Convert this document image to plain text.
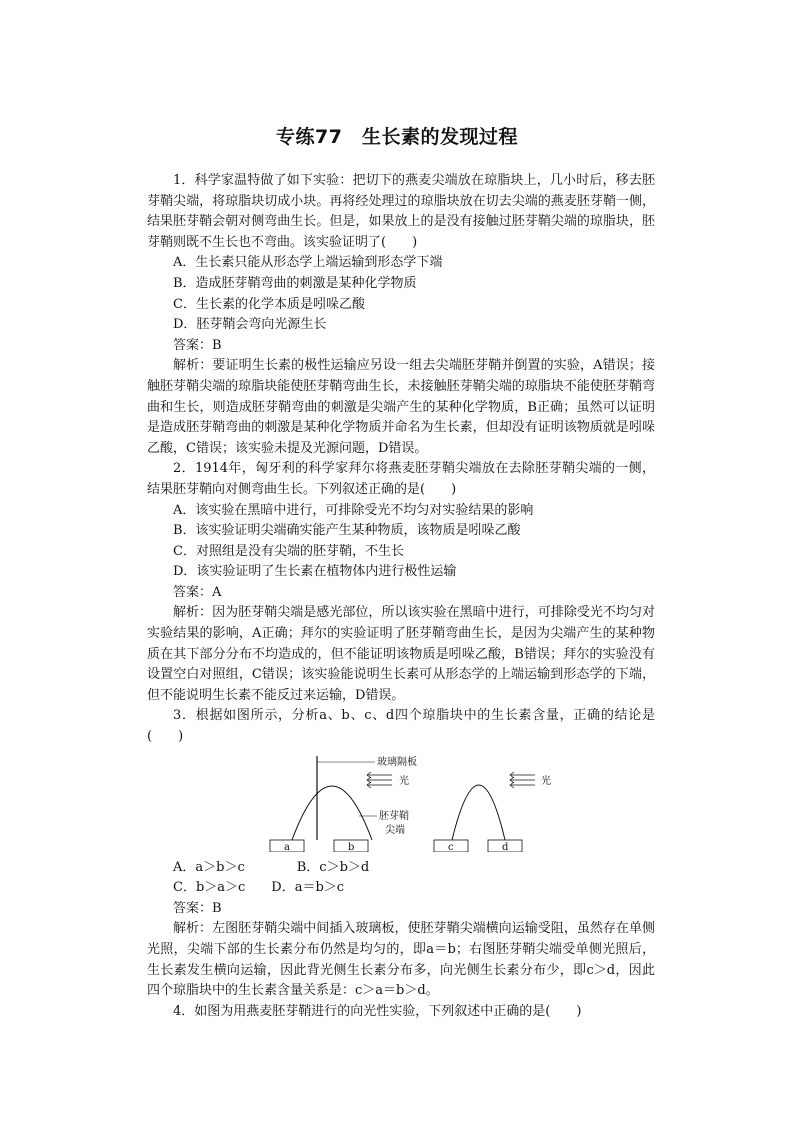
专练77　生长素的发现过程

1．科学家温特做了如下实验：把切下的燕麦尖端放在琼脂块上，几小时后，移去胚芽鞘尖端，将琼脂块切成小块。再将经处理过的琼脂块放在切去尖端的燕麦胚芽鞘一侧，结果胚芽鞘会朝对侧弯曲生长。但是，如果放上的是没有接触过胚芽鞘尖端的琼脂块，胚芽鞘则既不生长也不弯曲。该实验证明了(　　)

A．生长素只能从形态学上端运输到形态学下端

B．造成胚芽鞘弯曲的刺激是某种化学物质

C．生长素的化学本质是吲哚乙酸

D．胚芽鞘会弯向光源生长

答案：B

解析：要证明生长素的极性运输应另设一组去尖端胚芽鞘并倒置的实验，A错误；接触胚芽鞘尖端的琼脂块能使胚芽鞘弯曲生长，未接触胚芽鞘尖端的琼脂块不能使胚芽鞘弯曲和生长，则造成胚芽鞘弯曲的刺激是尖端产生的某种化学物质，B正确；虽然可以证明是造成胚芽鞘弯曲的刺激是某种化学物质并命名为生长素，但却没有证明该物质就是吲哚乙酸，C错误；该实验未提及光源问题，D错误。

2．1914年，匈牙利的科学家拜尔将燕麦胚芽鞘尖端放在去除胚芽鞘尖端的一侧，结果胚芽鞘向对侧弯曲生长。下列叙述正确的是(　　)

A．该实验在黑暗中进行，可排除受光不均匀对实验结果的影响

B．该实验证明尖端确实能产生某种物质，该物质是吲哚乙酸

C．对照组是没有尖端的胚芽鞘，不生长

D．该实验证明了生长素在植物体内进行极性运输

答案：A

解析：因为胚芽鞘尖端是感光部位，所以该实验在黑暗中进行，可排除受光不均匀对实验结果的影响，A正确；拜尔的实验证明了胚芽鞘弯曲生长，是因为尖端产生的某种物质在其下部分分布不均造成的，但不能证明该物质是吲哚乙酸，B错误；拜尔的实验没有设置空白对照组，C错误；该实验能说明生长素可从形态学的上端运输到形态学的下端，但不能说明生长素不能反过来运输，D错误。

3．根据如图所示，分析a、b、c、d四个琼脂块中的生长素含量，正确的结论是(　　)

玻璃隔板
光
胚芽鞘
尖端
a	b
光
c	d

A．a＞b＞c　　　　B．c＞b＞d

C．b＞a＞c　　D．a＝b＞c

答案：B

解析：左图胚芽鞘尖端中间插入玻璃板，使胚芽鞘尖端横向运输受阻，虽然存在单侧光照，尖端下部的生长素分布仍然是均匀的，即a＝b；右图胚芽鞘尖端受单侧光照后，生长素发生横向运输，因此背光侧生长素分布多，向光侧生长素分布少，即c＞d，因此四个琼脂块中的生长素含量关系是：c＞a＝b＞d。

4．如图为用燕麦胚芽鞘进行的向光性实验，下列叙述中正确的是(　　)
